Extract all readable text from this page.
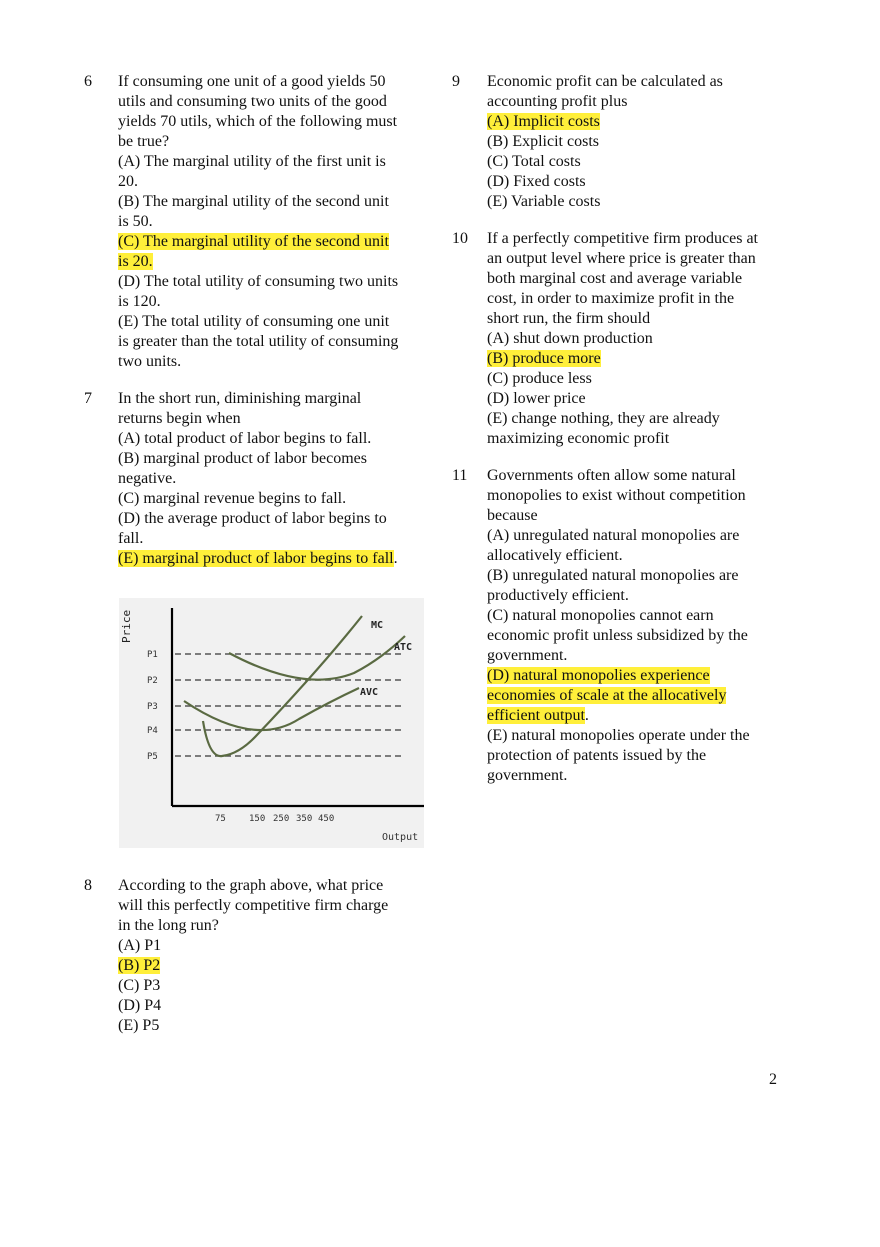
6	If consuming one unit of a good yields 50
utils and consuming two units of the good
yields 70 utils, which of the following must
be true?
(A) The marginal utility of the first unit is
20.
(B) The marginal utility of the second unit
is 50.
(C) The marginal utility of the second unit
is 20.
(D) The total utility of consuming two units
is 120.
(E) The total utility of consuming one unit
is greater than the total utility of consuming
two units.
7	In the short run, diminishing marginal
returns begin when
(A) total product of labor begins to fall.
(B) marginal product of labor becomes
negative.
(C) marginal revenue begins to fall.
(D) the average product of labor begins to
fall.
(E) marginal product of labor begins to fall.
Price
P1
P2
P3
P4
P5
MC
ATC
AVC
75	150 250 350 450
Output
8	According to the graph above, what price
will this perfectly competitive firm charge
in the long run?
(A) P1
(B) P2
(C) P3
(D) P4
(E) P5
9	Economic profit can be calculated as
accounting profit plus
(A) Implicit costs
(B) Explicit costs
(C) Total costs
(D) Fixed costs
(E) Variable costs
10	If a perfectly competitive firm produces at
an output level where price is greater than
both marginal cost and average variable
cost, in order to maximize profit in the
short run, the firm should
(A) shut down production
(B) produce more
(C) produce less
(D) lower price
(E) change nothing, they are already
maximizing economic profit
11	Governments often allow some natural
monopolies to exist without competition
because
(A) unregulated natural monopolies are
allocatively efficient.
(B) unregulated natural monopolies are
productively efficient.
(C) natural monopolies cannot earn
economic profit unless subsidized by the
government.
(D) natural monopolies experience
economies of scale at the allocatively
efficient output.
(E) natural monopolies operate under the
protection of patents issued by the
government.
2
